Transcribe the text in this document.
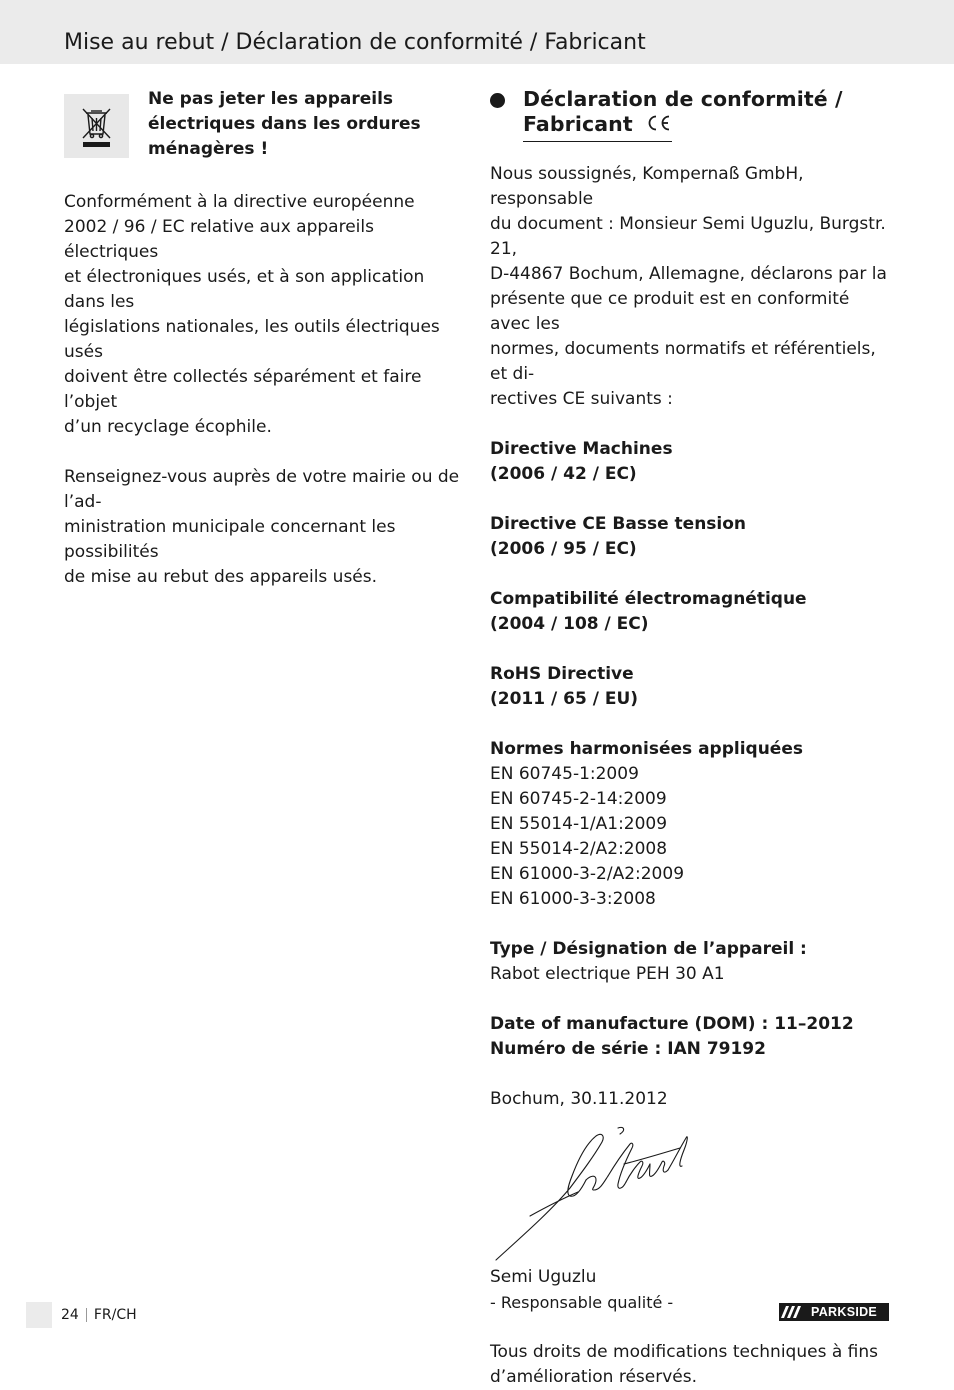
Mise au rebut / Déclaration de conformité / Fabricant
Ne pas jeter les appareils
électriques dans les ordures
ménagères !
Conformément à la directive européenne
2002 / 96 / EC relative aux appareils électriques
et électroniques usés, et à son application dans les
législations nationales, les outils électriques usés
doivent être collectés séparément et faire l’objet
d’un recyclage écophile.
Renseignez-vous auprès de votre mairie ou de l’ad-
ministration municipale concernant les possibilités
de mise au rebut des appareils usés.
Déclaration de conformité /
Fabricant
Nous soussignés, Kompernaß GmbH, responsable
du document : Monsieur Semi Uguzlu, Burgstr. 21,
D-44867 Bochum, Allemagne, déclarons par la
présente que ce produit est en conformité avec les
normes, documents normatifs et référentiels, et di-
rectives CE suivants :
Directive Machines
(2006 / 42 / EC)
Directive CE Basse tension
(2006 / 95 / EC)
Compatibilité électromagnétique
(2004 / 108 / EC)
RoHS Directive
(2011 / 65 / EU)
Normes harmonisées appliquées
EN 60745-1:2009
EN 60745-2-14:2009
EN 55014-1/A1:2009
EN 55014-2/A2:2008
EN 61000-3-2/A2:2009
EN 61000-3-3:2008
Type / Désignation de l’appareil :
Rabot electrique PEH 30 A1
Date of manufacture (DOM) : 11–2012
Numéro de série : IAN 79192
Bochum, 30.11.2012
Semi Uguzlu
- Responsable qualité -
Tous droits de modifications techniques à fins
d’amélioration réservés.
24 FR/CH	PARKSIDE
